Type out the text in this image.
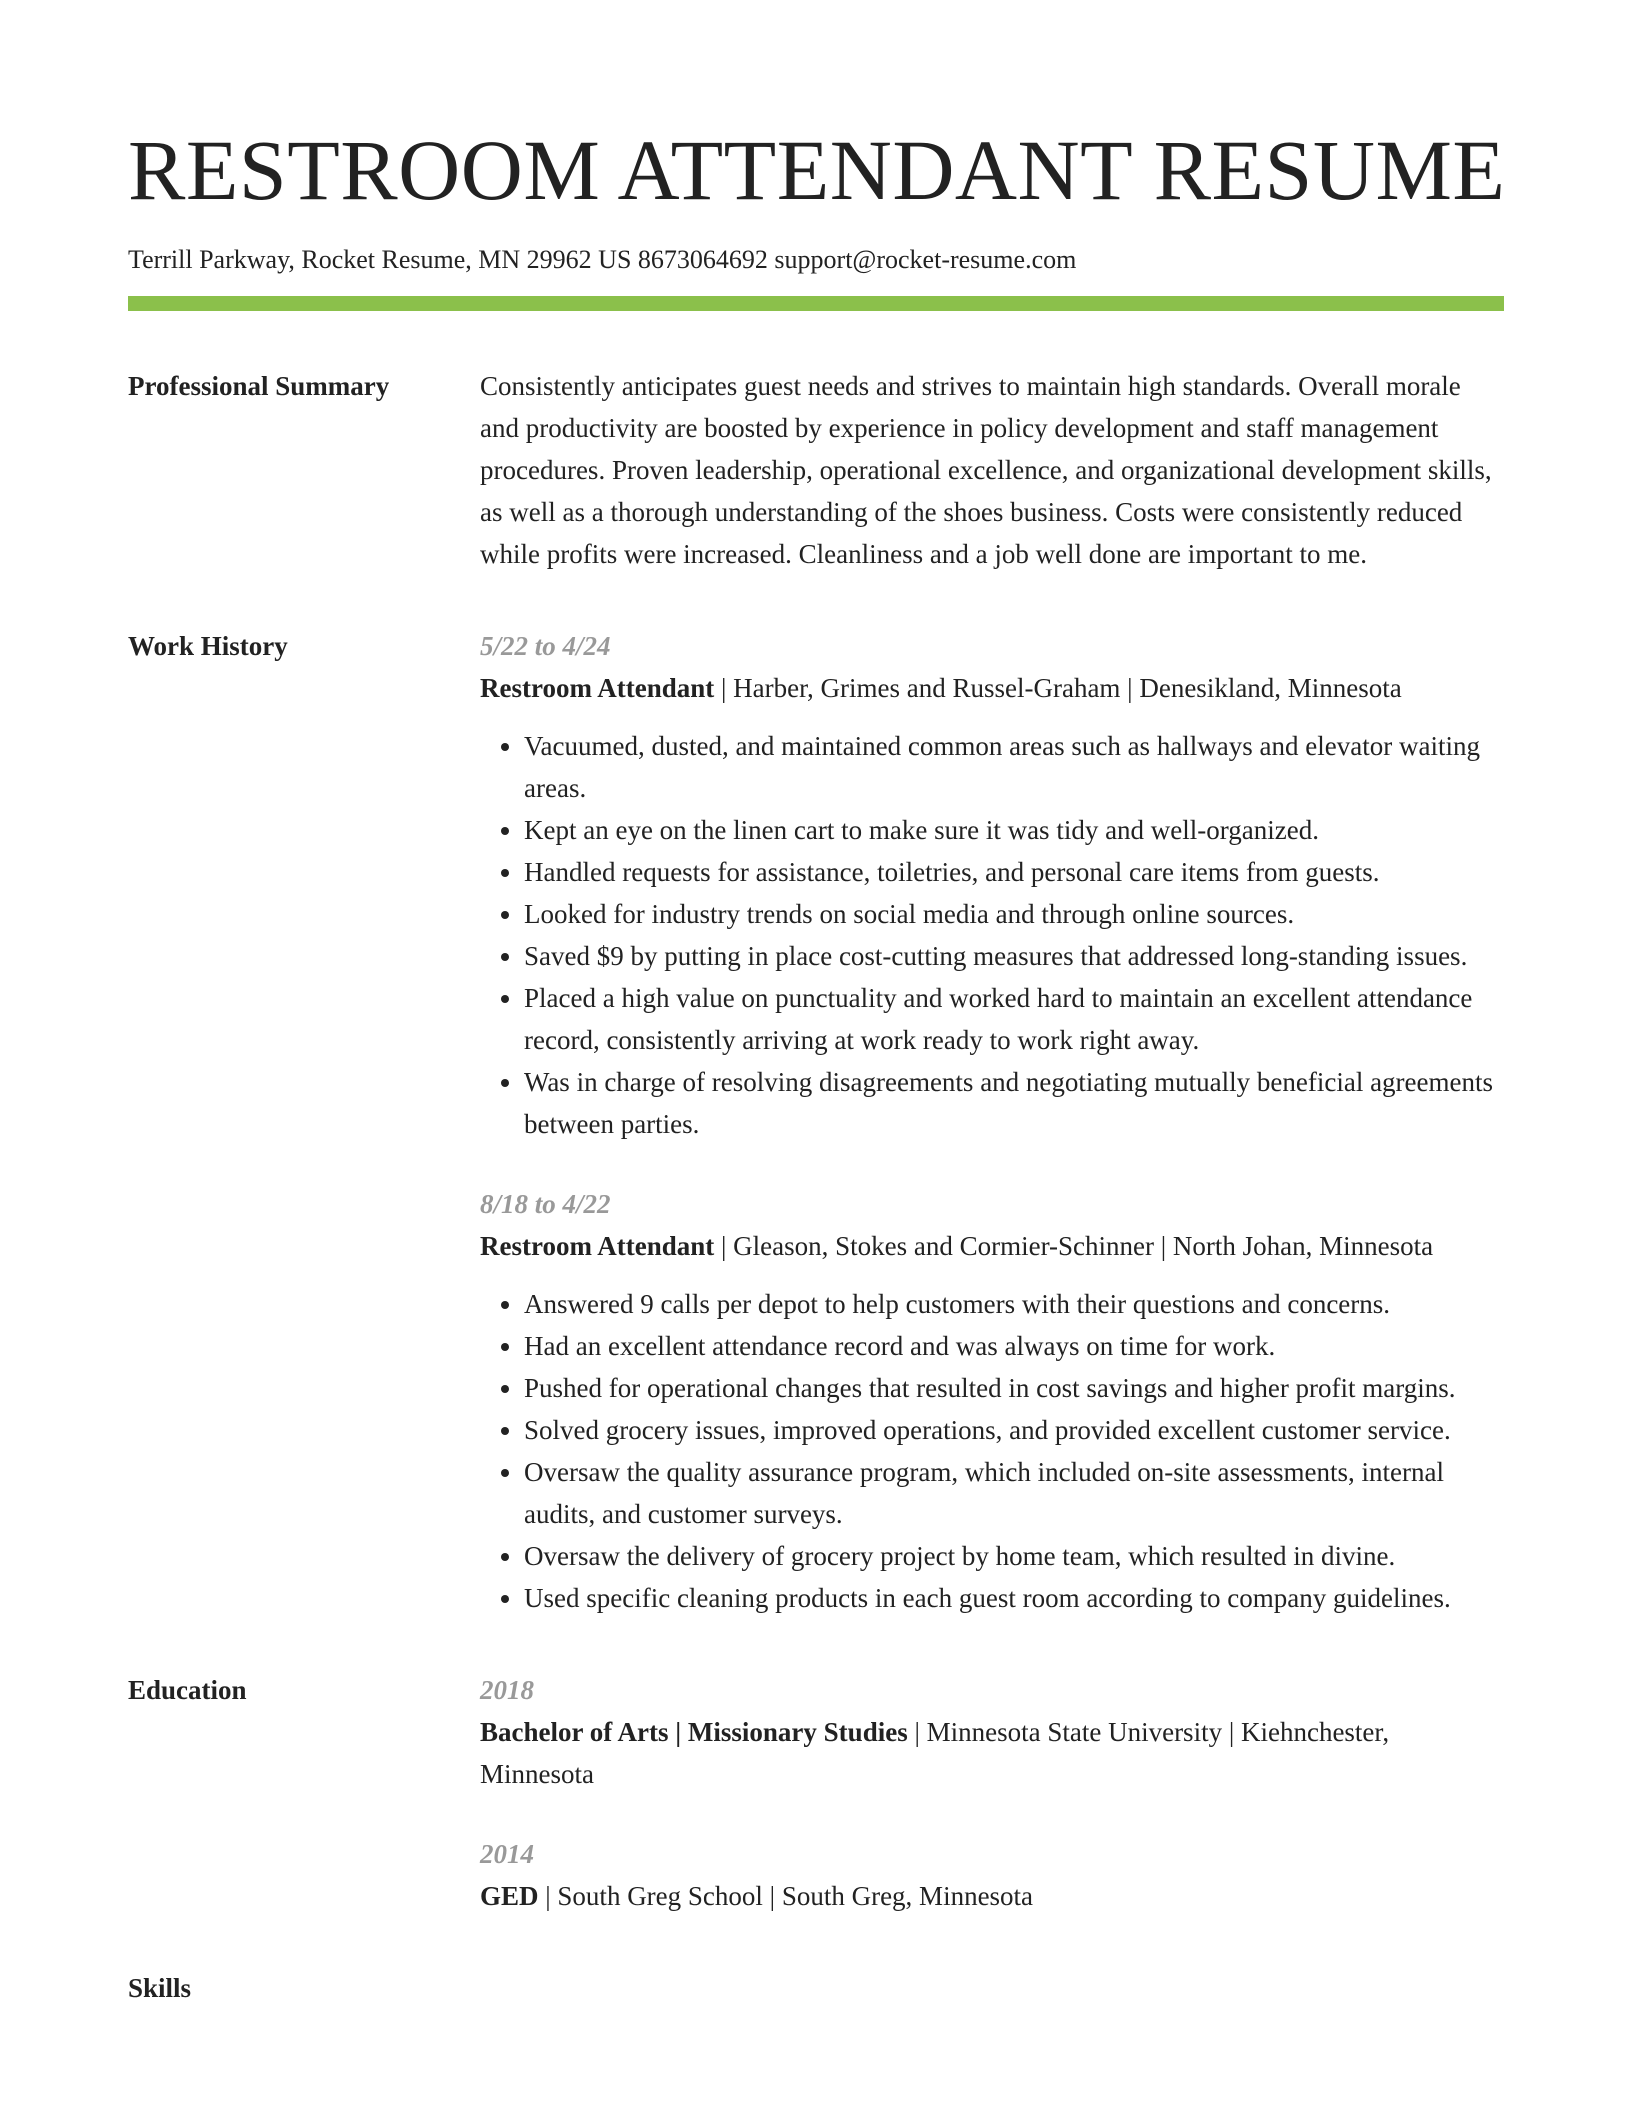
RESTROOM ATTENDANT RESUME
Terrill Parkway, Rocket Resume, MN 29962 US 8673064692 support@rocket-resume.com
Professional Summary	Consistently anticipates guest needs and strives to maintain high standards. Overall morale and productivity are boosted by experience in policy development and staff management procedures. Proven leadership, operational excellence, and organizational development skills, as well as a thorough understanding of the shoes business. Costs were consistently reduced while profits were increased. Cleanliness and a job well done are important to me.

Work History	5/22 to 4/24
Restroom Attendant | Harber, Grimes and Russel-Graham | Denesikland, Minnesota
• Vacuumed, dusted, and maintained common areas such as hallways and elevator waiting areas.
• Kept an eye on the linen cart to make sure it was tidy and well-organized.
• Handled requests for assistance, toiletries, and personal care items from guests.
• Looked for industry trends on social media and through online sources.
• Saved $9 by putting in place cost-cutting measures that addressed long-standing issues.
• Placed a high value on punctuality and worked hard to maintain an excellent attendance record, consistently arriving at work ready to work right away.
• Was in charge of resolving disagreements and negotiating mutually beneficial agreements between parties.
8/18 to 4/22
Restroom Attendant | Gleason, Stokes and Cormier-Schinner | North Johan, Minnesota
• Answered 9 calls per depot to help customers with their questions and concerns.
• Had an excellent attendance record and was always on time for work.
• Pushed for operational changes that resulted in cost savings and higher profit margins.
• Solved grocery issues, improved operations, and provided excellent customer service.
• Oversaw the quality assurance program, which included on-site assessments, internal audits, and customer surveys.
• Oversaw the delivery of grocery project by home team, which resulted in divine.
• Used specific cleaning products in each guest room according to company guidelines.
Education	2018
Bachelor of Arts | Missionary Studies | Minnesota State University | Kiehnchester, Minnesota
2014
GED | South Greg School | South Greg, Minnesota
Skills
